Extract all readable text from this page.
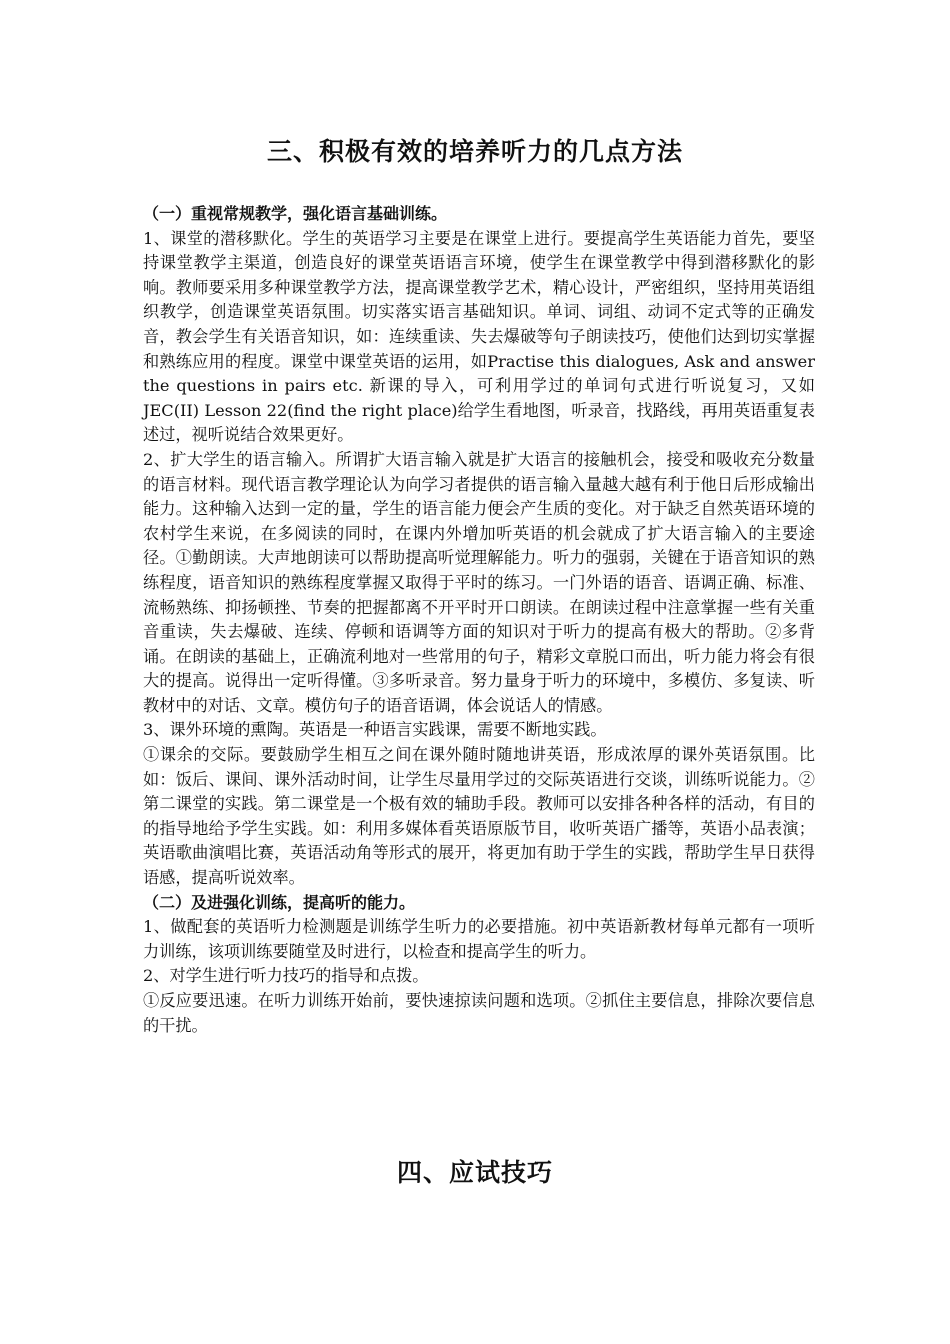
三、积极有效的培养听力的几点方法

（一）重视常规教学，强化语言基础训练。

1、课堂的潜移默化。学生的英语学习主要是在课堂上进行。要提高学生英语能力首先，要坚持课堂教学主渠道，创造良好的课堂英语语言环境，使学生在课堂教学中得到潜移默化的影响。教师要采用多种课堂教学方法，提高课堂教学艺术，精心设计，严密组织，坚持用英语组织教学，创造课堂英语氛围。切实落实语言基础知识。单词、词组、动词不定式等的正确发音，教会学生有关语音知识，如：连续重读、失去爆破等句子朗读技巧，使他们达到切实掌握和熟练应用的程度。课堂中课堂英语的运用，如Practise this dialogues, Ask and answer the questions in pairs etc. 新课的导入，可利用学过的单词句式进行听说复习，又如JEC(II) Lesson 22(find the right place)给学生看地图，听录音，找路线，再用英语重复表述过，视听说结合效果更好。

2、扩大学生的语言输入。所谓扩大语言输入就是扩大语言的接触机会，接受和吸收充分数量的语言材料。现代语言教学理论认为向学习者提供的语言输入量越大越有利于他日后形成输出能力。这种输入达到一定的量，学生的语言能力便会产生质的变化。对于缺乏自然英语环境的农村学生来说，在多阅读的同时，在课内外增加听英语的机会就成了扩大语言输入的主要途径。①勤朗读。大声地朗读可以帮助提高听觉理解能力。听力的强弱，关键在于语音知识的熟练程度，语音知识的熟练程度掌握又取得于平时的练习。一门外语的语音、语调正确、标准、流畅熟练、抑扬顿挫、节奏的把握都离不开平时开口朗读。在朗读过程中注意掌握一些有关重音重读，失去爆破、连续、停顿和语调等方面的知识对于听力的提高有极大的帮助。②多背诵。在朗读的基础上，正确流利地对一些常用的句子，精彩文章脱口而出，听力能力将会有很大的提高。说得出一定听得懂。③多听录音。努力量身于听力的环境中，多模仿、多复读、听教材中的对话、文章。模仿句子的语音语调，体会说话人的情感。

3、课外环境的熏陶。英语是一种语言实践课，需要不断地实践。

①课余的交际。要鼓励学生相互之间在课外随时随地讲英语，形成浓厚的课外英语氛围。比如：饭后、课间、课外活动时间，让学生尽量用学过的交际英语进行交谈，训练听说能力。②第二课堂的实践。第二课堂是一个极有效的辅助手段。教师可以安排各种各样的活动，有目的的指导地给予学生实践。如：利用多媒体看英语原版节目，收听英语广播等，英语小品表演；英语歌曲演唱比赛，英语活动角等形式的展开，将更加有助于学生的实践，帮助学生早日获得语感，提高听说效率。

（二）及进强化训练，提高听的能力。

1、做配套的英语听力检测题是训练学生听力的必要措施。初中英语新教材每单元都有一项听力训练，该项训练要随堂及时进行，以检查和提高学生的听力。

2、对学生进行听力技巧的指导和点拨。

①反应要迅速。在听力训练开始前，要快速掠读问题和选项。②抓住主要信息，排除次要信息的干扰。

四、应试技巧
